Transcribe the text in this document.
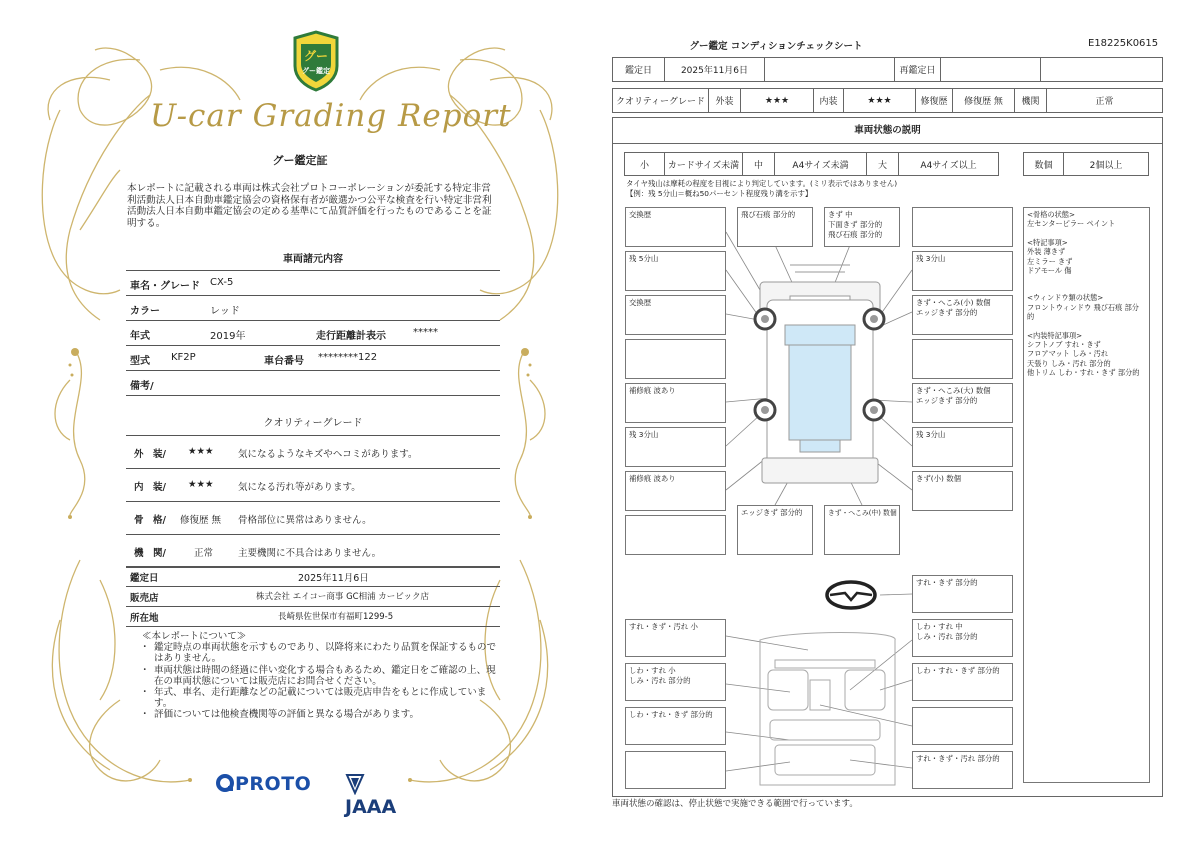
グー
グー鑑定
U-car Grading Report
グー鑑定証
本レポートに記載される車両は株式会社プロトコーポレーションが委託する特定非営利活動法人日本自動車鑑定協会の資格保有者が厳選かつ公平な検査を行い特定非営利活動法人日本自動車鑑定協会の定める基準にて品質評価を行ったものであることを証明する。
車両諸元内容
車名・グレード CX-5
カラー	レッド
年式	2019年	走行距離計表示	*****
型式 KF2P	車台番号 ********122
備考/
クオリティーグレード
外　装/ ★★★	気になるようなキズやヘコミがあります。
内　装/ ★★★	気になる汚れ等があります。
骨　格/ 修復歴 無 骨格部位に異常はありません。
機　関/	正常	主要機関に不具合はありません。
鑑定日	2025年11月6日
販売店	株式会社 エイコー商事 GC相浦 カービック店
所在地	長崎県佐世保市有福町1299-5
≪本レポートについて≫
・ 鑑定時点の車両状態を示すものであり、以降将来にわたり品質を保証するものではありません。
・ 車両状態は時間の経過に伴い変化する場合もあるため、鑑定日をご確認の上、現在の車両状態については販売店にお問合せください。
・ 年式、車名、走行距離などの記載については販売店申告をもとに作成しています。
・ 評価については他検査機関等の評価と異なる場合があります。
PROTO
JAAA
グー鑑定 コンディションチェックシート	E18225K0615
鑑定日	2025年11月6日	再鑑定日
クオリティーグレード	外装	★★★	内装	★★★	修復歴	修復歴 無	機関	正常
車両状態の説明
小	カードサイズ未満	中	A4サイズ未満	大	A4サイズ以上	数個	2個以上
タイヤ残山は摩耗の程度を目視により判定しています。(ミリ表示ではありません)
【例：残 5分山＝概ね50パーセント程度残り溝を示す】
交換歴
残 5分山
交換歴
補修痕 波あり
残 3分山
補修痕 波あり
飛び石痕 部分的	きず 中
下面きず 部分的
飛び石痕 部分的
残 3分山
きず・へこみ(小) 数個
エッジきず 部分的
きず・へこみ(大) 数個
エッジきず 部分的
残 3分山
きず(小) 数個
エッジきず 部分的	きず・へこみ(中) 数個
すれ・きず 部分的
すれ・きず・汚れ 小	しわ・すれ 中
しみ・汚れ 部分的
しわ・すれ 小
しみ・汚れ 部分的
しわ・すれ・きず 部分的
しわ・すれ・きず 部分的
すれ・きず・汚れ 部分的
<骨格の状態>
左センターピラー ペイント
<特記事項>
外装 薄きず
左ミラー きず
ドアモール 傷
<ウィンドウ類の状態>
フロントウィンドウ 飛び石痕 部分的
<内装特記事項>
シフトノブ すれ・きず
フロアマット しみ・汚れ
天張り しみ・汚れ 部分的
他トリム しわ・すれ・きず 部分的
車両状態の確認は、停止状態で実施できる範囲で行っています。
